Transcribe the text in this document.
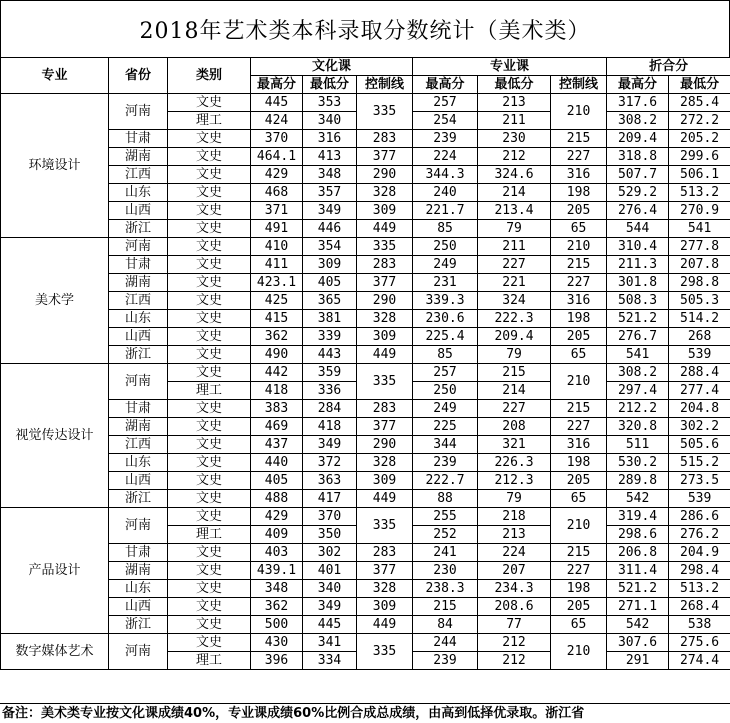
2018年艺术类本科录取分数统计（美术类）
专业	省份	类别	文化课			专业课			折合分	
			最高分	最低分	控制线	最高分	最低分	控制线	最高分	最低分
环境设计	河南	文史	445	353	335	257	213	210	317.6	285.4
		理工	424	340		254	211		308.2	272.2
	甘肃	文史	370	316	283	239	230	215	209.4	205.2
	湖南	文史	464.1	413	377	224	212	227	318.8	299.6
	江西	文史	429	348	290	344.3	324.6	316	507.7	506.1
	山东	文史	468	357	328	240	214	198	529.2	513.2
	山西	文史	371	349	309	221.7	213.4	205	276.4	270.9
	浙江	文史	491	446	449	85	79	65	544	541
美术学	河南	文史	410	354	335	250	211	210	310.4	277.8
	甘肃	文史	411	309	283	249	227	215	211.3	207.8
	湖南	文史	423.1	405	377	231	221	227	301.8	298.8
	江西	文史	425	365	290	339.3	324	316	508.3	505.3
	山东	文史	415	381	328	230.6	222.3	198	521.2	514.2
	山西	文史	362	339	309	225.4	209.4	205	276.7	268
	浙江	文史	490	443	449	85	79	65	541	539
视觉传达设计	河南	文史	442	359	335	257	215	210	308.2	288.4
		理工	418	336		250	214		297.4	277.4
	甘肃	文史	383	284	283	249	227	215	212.2	204.8
	湖南	文史	469	418	377	225	208	227	320.8	302.2
	江西	文史	437	349	290	344	321	316	511	505.6
	山东	文史	440	372	328	239	226.3	198	530.2	515.2
	山西	文史	405	363	309	222.7	212.3	205	289.8	273.5
	浙江	文史	488	417	449	88	79	65	542	539
产品设计	河南	文史	429	370	335	255	218	210	319.4	286.6
		理工	409	350		252	213		298.6	276.2
	甘肃	文史	403	302	283	241	224	215	206.8	204.9
	湖南	文史	439.1	401	377	230	207	227	311.4	298.4
	山东	文史	348	340	328	238.3	234.3	198	521.2	513.2
	山西	文史	362	349	309	215	208.6	205	271.1	268.4
	浙江	文史	500	445	449	84	77	65	542	538
数字媒体艺术	河南	文史	430	341	335	244	212	210	307.6	275.6
		理工	396	334		239	212		291	274.4
备注：美术类专业按文化课成绩40%，专业课成绩60%比例合成总成绩，由高到低择优录取。浙江省
